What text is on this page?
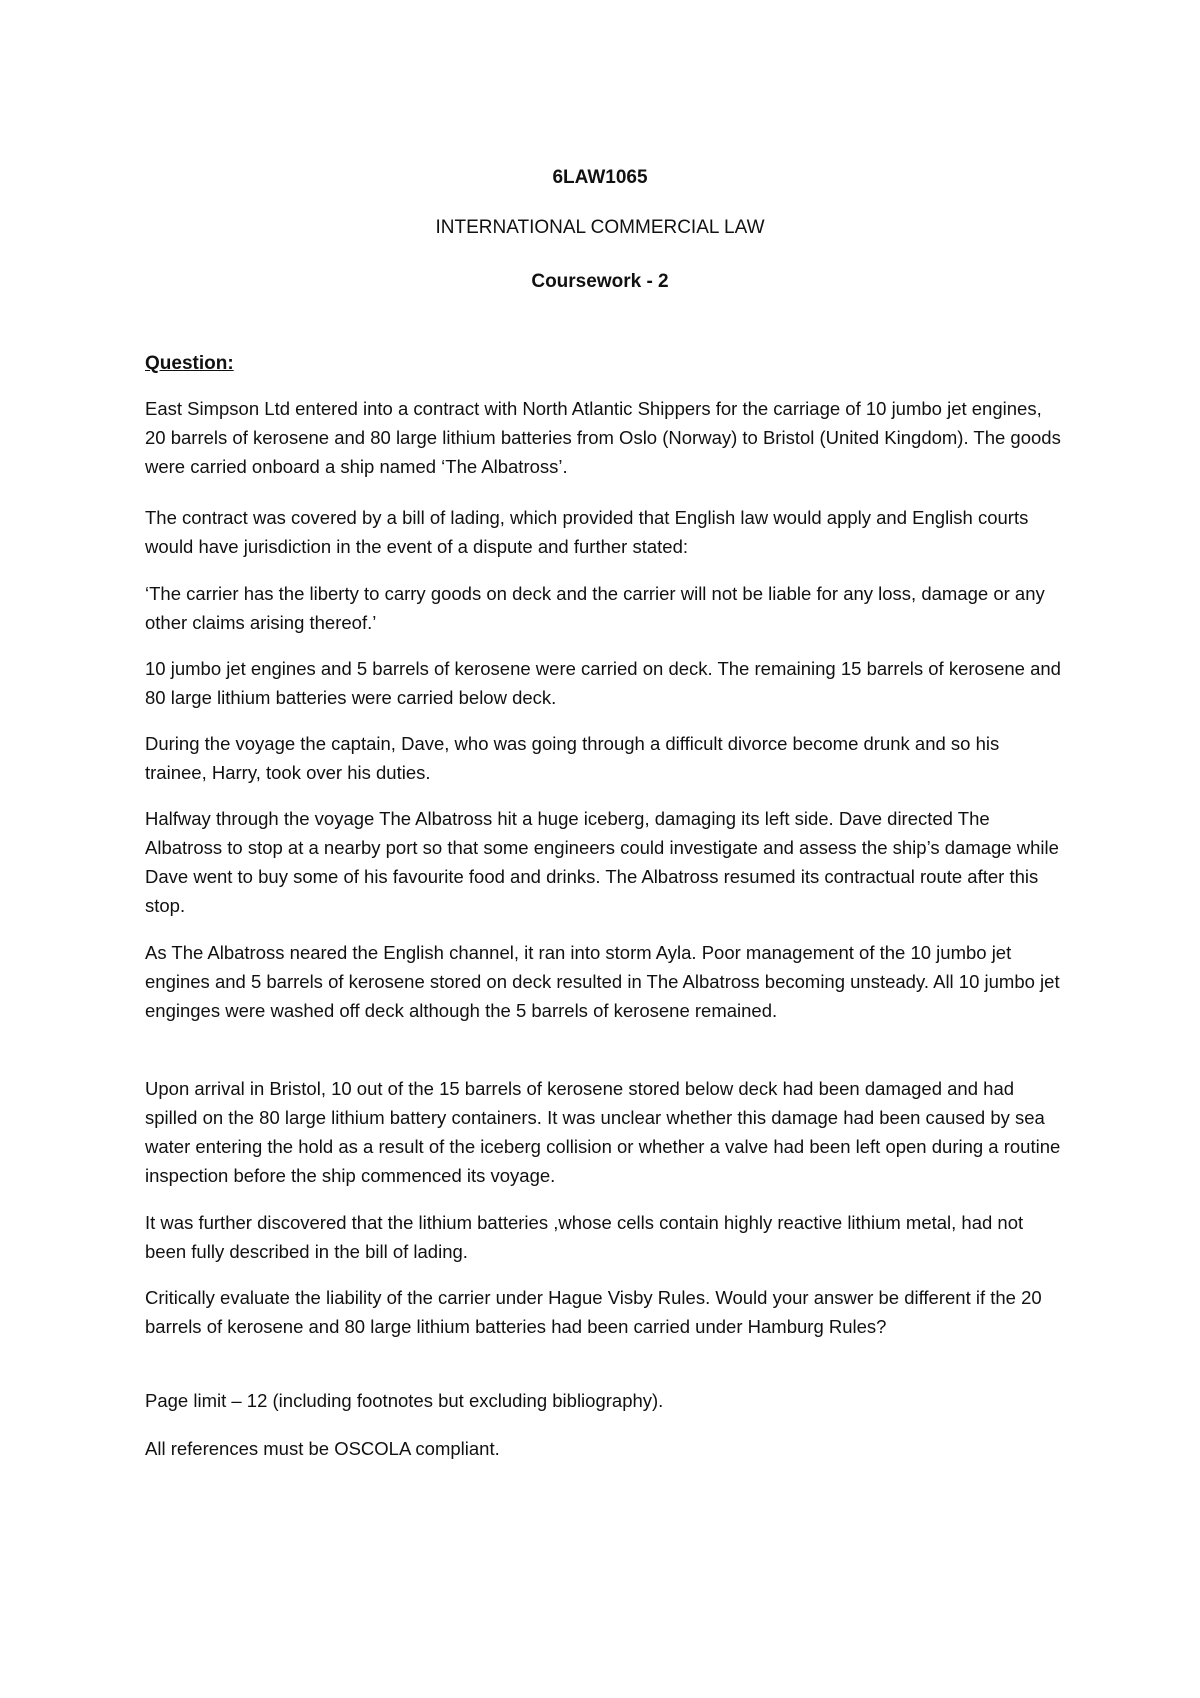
6LAW1065

INTERNATIONAL COMMERCIAL LAW

Coursework - 2

Question:

East Simpson Ltd entered into a contract with North Atlantic Shippers for the carriage of 10 jumbo jet engines, 20 barrels of kerosene and 80 large lithium batteries from Oslo (Norway) to Bristol (United Kingdom). The goods were carried onboard a ship named ‘The Albatross’.

The contract was covered by a bill of lading, which provided that English law would apply and English courts would have jurisdiction in the event of a dispute and further stated:

‘The carrier has the liberty to carry goods on deck and the carrier will not be liable for any loss, damage or any other claims arising thereof.’

10 jumbo jet engines and 5 barrels of kerosene were carried on deck. The remaining 15 barrels of kerosene and 80 large lithium batteries were carried below deck.

During the voyage the captain, Dave, who was going through a difficult divorce become drunk and so his trainee, Harry, took over his duties.

Halfway through the voyage The Albatross hit a huge iceberg, damaging its left side. Dave directed The Albatross to stop at a nearby port so that some engineers could investigate and assess the ship’s damage while Dave went to buy some of his favourite food and drinks. The Albatross resumed its contractual route after this stop.

As The Albatross neared the English channel, it ran into storm Ayla. Poor management of the 10 jumbo jet engines and 5 barrels of kerosene stored on deck resulted in The Albatross becoming unsteady. All 10 jumbo jet enginges were washed off deck although the 5 barrels of kerosene remained.

Upon arrival in Bristol, 10 out of the 15 barrels of kerosene stored below deck had been damaged and had spilled on the 80 large lithium battery containers. It was unclear whether this damage had been caused by sea water entering the hold as a result of the iceberg collision or whether a valve had been left open during a routine inspection before the ship commenced its voyage.

It was further discovered that the lithium batteries ,whose cells contain highly reactive lithium metal, had not been fully described in the bill of lading.

Critically evaluate the liability of the carrier under Hague Visby Rules. Would your answer be different if the 20 barrels of kerosene and 80 large lithium batteries had been carried under Hamburg Rules?

Page limit – 12 (including footnotes but excluding bibliography).

All references must be OSCOLA compliant.
